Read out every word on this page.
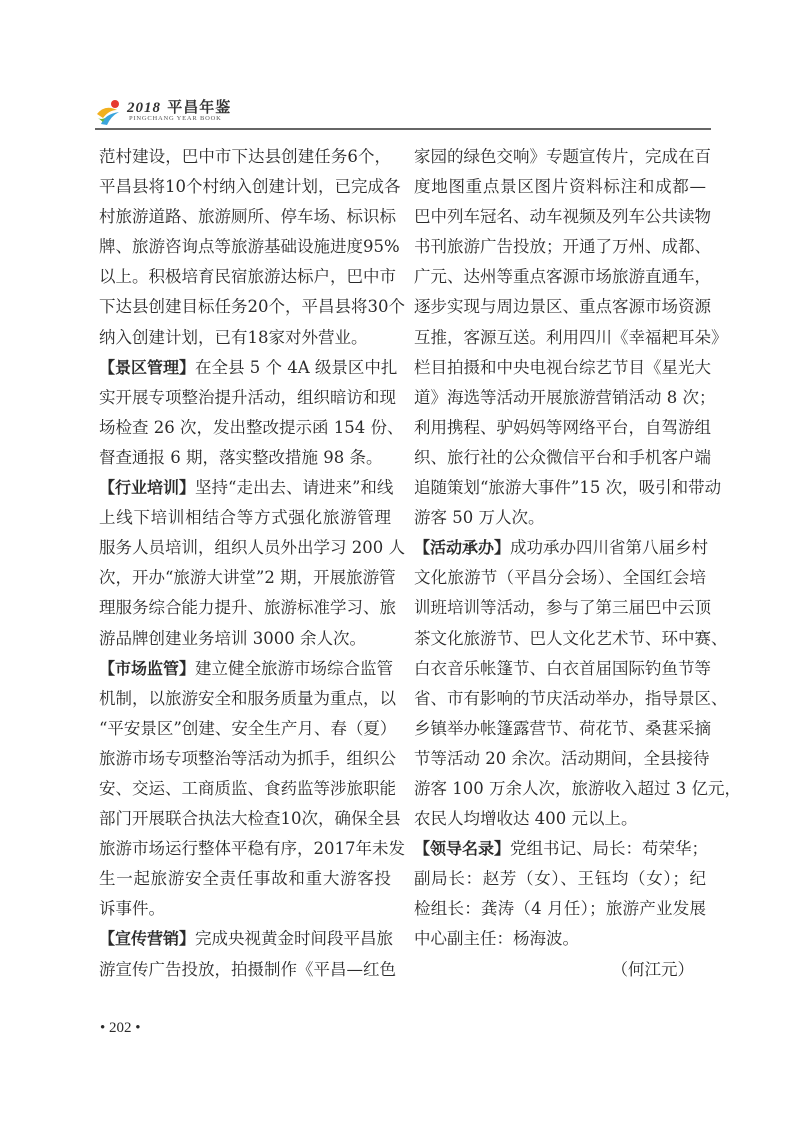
2018 平昌年鉴
PINGCHANG YEAR BOOK
范村建设，巴中市下达县创建任务6个，
平昌县将10个村纳入创建计划，已完成各
村旅游道路、旅游厕所、停车场、标识标
牌、旅游咨询点等旅游基础设施进度95%
以上。积极培育民宿旅游达标户，巴中市
下达县创建目标任务20个，平昌县将30个
纳入创建计划，已有18家对外营业。
【景区管理】在全县 5 个 4A 级景区中扎
实开展专项整治提升活动，组织暗访和现
场检查 26 次，发出整改提示函 154 份、
督查通报 6 期，落实整改措施 98 条。
【行业培训】坚持“走出去、请进来”和线
上线下培训相结合等方式强化旅游管理
服务人员培训，组织人员外出学习 200 人
次，开办“旅游大讲堂”2 期，开展旅游管
理服务综合能力提升、旅游标准学习、旅
游品牌创建业务培训 3000 余人次。
【市场监管】建立健全旅游市场综合监管
机制，以旅游安全和服务质量为重点，以
“平安景区”创建、安全生产月、春（夏）
旅游市场专项整治等活动为抓手，组织公
安、交运、工商质监、食药监等涉旅职能
部门开展联合执法大检查10次，确保全县
旅游市场运行整体平稳有序，2017年未发
生一起旅游安全责任事故和重大游客投
诉事件。
【宣传营销】完成央视黄金时间段平昌旅
游宣传广告投放，拍摄制作《平昌—红色
家园的绿色交响》专题宣传片，完成在百
度地图重点景区图片资料标注和成都—
巴中列车冠名、动车视频及列车公共读物
书刊旅游广告投放；开通了万州、成都、
广元、达州等重点客源市场旅游直通车，
逐步实现与周边景区、重点客源市场资源
互推，客源互送。利用四川《幸福耙耳朵》
栏目拍摄和中央电视台综艺节目《星光大
道》海选等活动开展旅游营销活动 8 次；
利用携程、驴妈妈等网络平台，自驾游组
织、旅行社的公众微信平台和手机客户端
追随策划“旅游大事件”15 次，吸引和带动
游客 50 万人次。
【活动承办】成功承办四川省第八届乡村
文化旅游节（平昌分会场）、全国红会培
训班培训等活动，参与了第三届巴中云顶
茶文化旅游节、巴人文化艺术节、环中赛、
白衣音乐帐篷节、白衣首届国际钓鱼节等
省、市有影响的节庆活动举办，指导景区、
乡镇举办帐篷露营节、荷花节、桑葚采摘
节等活动 20 余次。活动期间，全县接待
游客 100 万余人次，旅游收入超过 3 亿元，
农民人均增收达 400 元以上。
【领导名录】党组书记、局长：苟荣华；
副局长：赵芳（女）、王钰均（女）；纪
检组长：龚涛（4 月任）；旅游产业发展
中心副主任：杨海波。
（何江元）
• 202 •
